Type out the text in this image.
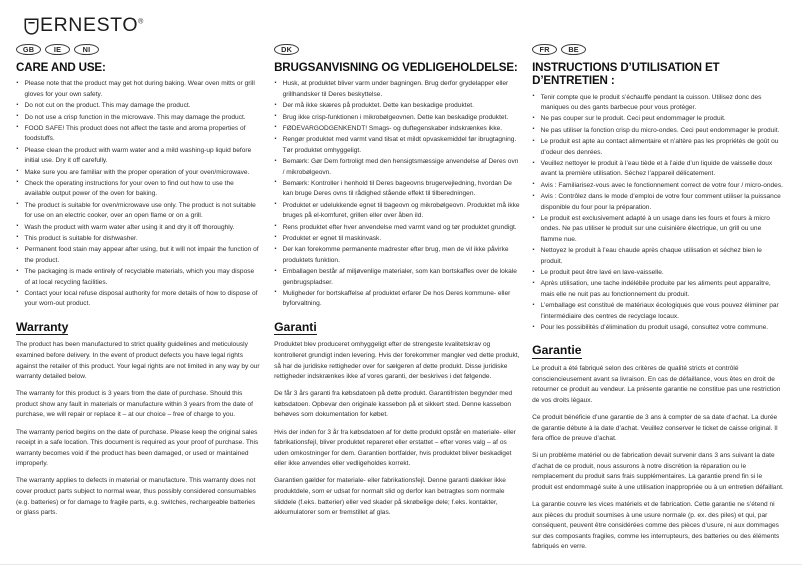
ERNESTO®
GB	IE	NI
CARE AND USE:
▪ Please note that the product may get hot during baking. Wear oven mitts or grill gloves for your own safety.
▪ Do not cut on the product. This may damage the product.
▪ Do not use a crisp function in the microwave. This may damage the product.
▪ FOOD SAFE! This product does not affect the taste and aroma properties of foodstuffs.
▪ Please clean the product with warm water and a mild washing-up liquid before initial use. Dry it off carefully.
▪ Make sure you are familiar with the proper operation of your oven/microwave.
▪ Check the operating instructions for your oven to find out how to use the available output power of the oven for baking.
▪ The product is suitable for oven/microwave use only. The product is not suitable for use on an electric cooker, over an open flame or on a grill.
▪ Wash the product with warm water after using it and dry it off thoroughly.
▪ This product is suitable for dishwasher.
▪ Permanent food stain may appear after using, but it will not impair the function of the product.
▪ The packaging is made entirely of recyclable materials, which you may dispose of at local recycling facilities.
▪ Contact your local refuse disposal authority for more details of how to dispose of your worn-out product.
Warranty

The product has been manufactured to strict quality guidelines and meticulously examined before delivery. In the event of product defects you have legal rights against the retailer of this product. Your legal rights are not limited in any way by our warranty detailed below.

The warranty for this product is 3 years from the date of purchase. Should this product show any fault in materials or manufacture within 3 years from the date of purchase, we will repair or replace it – at our choice – free of charge to you.

The warranty period begins on the date of purchase. Please keep the original sales receipt in a safe location. This document is required as your proof of purchase. This warranty becomes void if the product has been damaged, or used or maintained improperly.

The warranty applies to defects in material or manufacture. This warranty does not cover product parts subject to normal wear, thus possibly considered consumables (e.g. batteries) or for damage to fragile parts, e.g. switches, rechargeable batteries or glass parts.

DK
BRUGSANVISNING OG VEDLIGEHOLDELSE:
▪ Husk, at produktet bliver varm under bagningen. Brug derfor grydelapper eller grillhandsker til Deres beskyttelse.
▪ Der må ikke skæres på produktet. Dette kan beskadige produktet.
▪ Brug ikke crisp-funktionen i mikrobølgeovnen. Dette kan beskadige produktet.
▪ FØDEVARGODGENKENDT! Smags- og duftegenskaber indskrænkes ikke.
▪ Rengør produktet med varmt vand tilsat et mildt opvaskemiddel før ibrugtagning. Tør produktet omhyggeligt.
▪ Bemærk: Gør Dem fortroligt med den hensigtsmæssige anvendelse af Deres ovn / mikrobølgeovn.
▪ Bemærk: Kontroller i henhold til Deres bageovns brugervejledning, hvordan De kan bruge Deres ovns til rådighed stående effekt til tilberedningen.
▪ Produktet er udelukkende egnet til bageovn og mikrobølgeovn. Produktet må ikke bruges på el-komfuret, grillen eller over åben ild.
▪ Rens produktet efter hver anvendelse med varmt vand og tør produktet grundigt.
▪ Produktet er egnet til maskinvask.
▪ Der kan forekomme permanente madrester efter brug, men de vil ikke påvirke produktets funktion.
▪ Emballagen består af miljøvenlige materialer, som kan bortskaffes over de lokale genbrugspladser.
▪ Muligheder for bortskaffelse af produktet erfarer De hos Deres kommune- eller byforvaltning.
Garanti

Produktet blev produceret omhyggeligt efter de strengeste kvalitetskrav og kontrolleret grundigt inden levering. Hvis der forekommer mangler ved dette produkt, så har de juridiske rettigheder over for sælgeren af dette produkt. Disse juridiske rettigheder indskrænkes ikke af vores garanti, der beskrives i det følgende.

De får 3 års garanti fra købsdatoen på dette produkt. Garantifristen begynder med købsdatoen. Opbevar den originale kassebon på et sikkert sted. Denne kassebon behøves som dokumentation for købet.

Hvis der inden for 3 år fra købsdatoen af for dette produkt opstår en materiale- eller fabrikationsfejl, bliver produktet repareret eller erstattet – efter vores valg – af os uden omkostninger for dem. Garantien bortfalder, hvis produktet bliver beskadiget eller ikke anvendes eller vedligeholdes korrekt.

Garantien gælder for materiale- eller fabrikationsfejl. Denne garanti dækker ikke produktdele, som er udsat for normalt slid og derfor kan betragtes som normale sliddele (f.eks. batterier) eller ved skader på skrøbelige dele; f.eks. kontakter, akkumulatorer som er fremstillet af glas.

FR	BE
INSTRUCTIONS D’UTILISATION ET D’ENTRETIEN :
▪ Tenir compte que le produit s’échauffe pendant la cuisson. Utilisez donc des maniques ou des gants barbecue pour vous protéger.
▪ Ne pas couper sur le produit. Ceci peut endommager le produit.
▪ Ne pas utiliser la fonction crisp du micro-ondes. Ceci peut endommager le produit.
▪ Le produit est apte au contact alimentaire et n’altère pas les propriétés de goût ou d’odeur des denrées.
▪ Veuillez nettoyer le produit à l’eau tiède et à l’aide d’un liquide de vaisselle doux avant la première utilisation. Séchez l’appareil délicatement.
▪ Avis : Familiarisez-vous avec le fonctionnement correct de votre four / micro-ondes.
▪ Avis : Contrôlez dans le mode d’emploi de votre four comment utiliser la puissance disponible du four pour la préparation.
▪ Le produit est exclusivement adapté à un usage dans les fours et fours à micro ondes. Ne pas utiliser le produit sur une cuisinière électrique, un grill ou une flamme nue.
▪ Nettoyez le produit à l’eau chaude après chaque utilisation et séchez bien le produit.
▪ Le produit peut être lavé en lave-vaisselle.
▪ Après utilisation, une tache indélébile produite par les aliments peut apparaître, mais elle ne nuit pas au fonctionnement du produit.
▪ L’emballage est constitué de matériaux écologiques que vous pouvez éliminer par l’intermédiaire des centres de recyclage locaux.
▪ Pour les possibilités d’élimination du produit usagé, consultez votre commune.
Garantie

Le produit a été fabriqué selon des critères de qualité stricts et contrôlé consciencieusement avant sa livraison. En cas de défaillance, vous êtes en droit de retourner ce produit au vendeur. La présente garantie ne constitue pas une restriction de vos droits légaux.

Ce produit bénéficie d’une garantie de 3 ans à compter de sa date d’achat. La durée de garantie débute à la date d’achat. Veuillez conserver le ticket de caisse original. Il fera office de preuve d’achat.

Si un problème matériel ou de fabrication devait survenir dans 3 ans suivant la date d’achat de ce produit, nous assurons à notre discrétion la réparation ou le remplacement du produit sans frais supplémentaires. La garantie prend fin si le produit est endommagé suite à une utilisation inappropriée ou à un entretien défaillant.

La garantie couvre les vices matériels et de fabrication. Cette garantie ne s’étend ni aux pièces du produit soumises à une usure normale (p. ex. des piles) et qui, par conséquent, peuvent être considérées comme des pièces d’usure, ni aux dommages sur des composants fragiles, comme les interrupteurs, des batteries ou des éléments fabriqués en verre.
